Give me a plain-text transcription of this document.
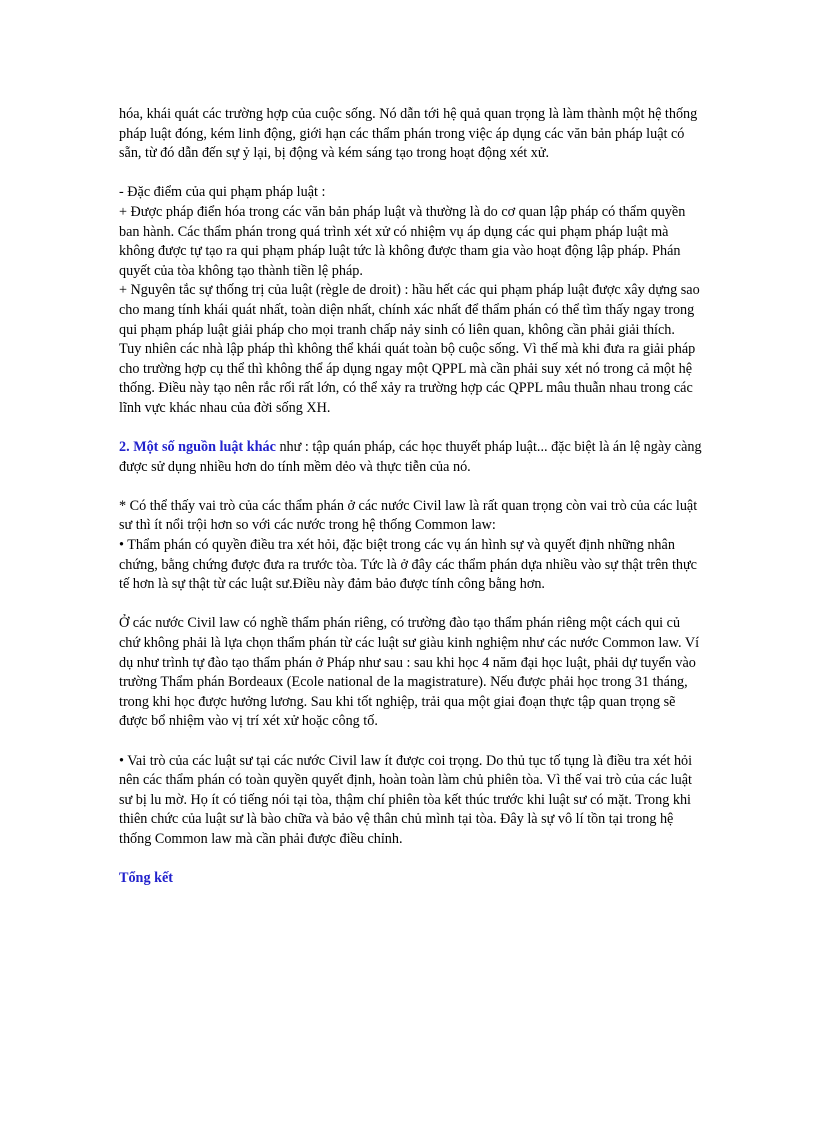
hóa, khái quát các trường hợp của cuộc sống. Nó dẫn tới hệ quả quan trọng là làm thành một hệ thống pháp luật đóng, kém linh động, giới hạn các thẩm phán trong việc áp dụng các văn bản pháp luật có sẵn, từ đó dẫn đến sự ỷ lại, bị động và kém sáng tạo trong hoạt động xét xử.

- Đặc điểm của qui phạm pháp luật :

+ Được pháp điển hóa trong các văn bản pháp luật và thường là do cơ quan lập pháp có thẩm quyền ban hành. Các thẩm phán trong quá trình xét xử có nhiệm vụ áp dụng các qui phạm pháp luật mà không được tự tạo ra qui phạm pháp luật tức là không được tham gia vào hoạt động lập pháp. Phán quyết của tòa không tạo thành tiền lệ pháp.

+ Nguyên tắc sự thống trị của luật (règle de droit) : hầu hết các qui phạm pháp luật được xây dựng sao cho mang tính khái quát nhất, toàn diện nhất, chính xác nhất để thẩm phán có thể tìm thấy ngay trong qui phạm pháp luật giải pháp cho mọi tranh chấp nảy sinh có liên quan, không cần phải giải thích.

Tuy nhiên các nhà lập pháp thì không thể khái quát toàn bộ cuộc sống. Vì thế mà khi đưa ra giải pháp cho trường hợp cụ thể thì không thể áp dụng ngay một QPPL mà cần phải suy xét nó trong cả một hệ thống. Điều này tạo nên rắc rối rất lớn, có thể xảy ra trường hợp các QPPL mâu thuẫn nhau trong các lĩnh vực khác nhau của đời sống XH.

2. Một số nguồn luật khác như : tập quán pháp, các học thuyết pháp luật... đặc biệt là án lệ ngày càng được sử dụng nhiều hơn do tính mềm dẻo và thực tiễn của nó.

* Có thể thấy vai trò của các thẩm phán ở các nước Civil law là rất quan trọng còn vai trò của các luật sư thì ít nổi trội hơn so với các nước trong hệ thống Common law:

• Thẩm phán có quyền điều tra xét hỏi, đặc biệt trong các vụ án hình sự và quyết định những nhân chứng, bằng chứng được đưa ra trước tòa. Tức là ở đây các thẩm phán dựa nhiều vào sự thật trên thực tế hơn là sự thật từ các luật sư.Điều này đảm bảo được tính công bằng hơn.

Ở các nước Civil law có nghề thẩm phán riêng, có trường đào tạo thẩm phán riêng một cách qui củ chứ không phải là lựa chọn thẩm phán từ các luật sư giàu kinh nghiệm như các nước Common law. Ví dụ như trình tự đào tạo thẩm phán ở Pháp như sau : sau khi học 4 năm đại học luật, phải dự tuyển vào trường Thẩm phán Bordeaux (Ecole national de la magistrature). Nếu được phải học trong 31 tháng, trong khi học được hưởng lương. Sau khi tốt nghiệp, trải qua một giai đoạn thực tập quan trọng sẽ được bổ nhiệm vào vị trí xét xử hoặc công tố.

• Vai trò của các luật sư tại các nước Civil law ít được coi trọng. Do thủ tục tố tụng là điều tra xét hỏi nên các thẩm phán có toàn quyền quyết định, hoàn toàn làm chủ phiên tòa. Vì thế vai trò của các luật sư bị lu mờ. Họ ít có tiếng nói tại tòa, thậm chí phiên tòa kết thúc trước khi luật sư có mặt. Trong khi thiên chức của luật sư là bào chữa và bảo vệ thân chủ mình tại tòa. Đây là sự vô lí tồn tại trong hệ thống Common law mà cần phải được điều chỉnh.

Tổng kết
